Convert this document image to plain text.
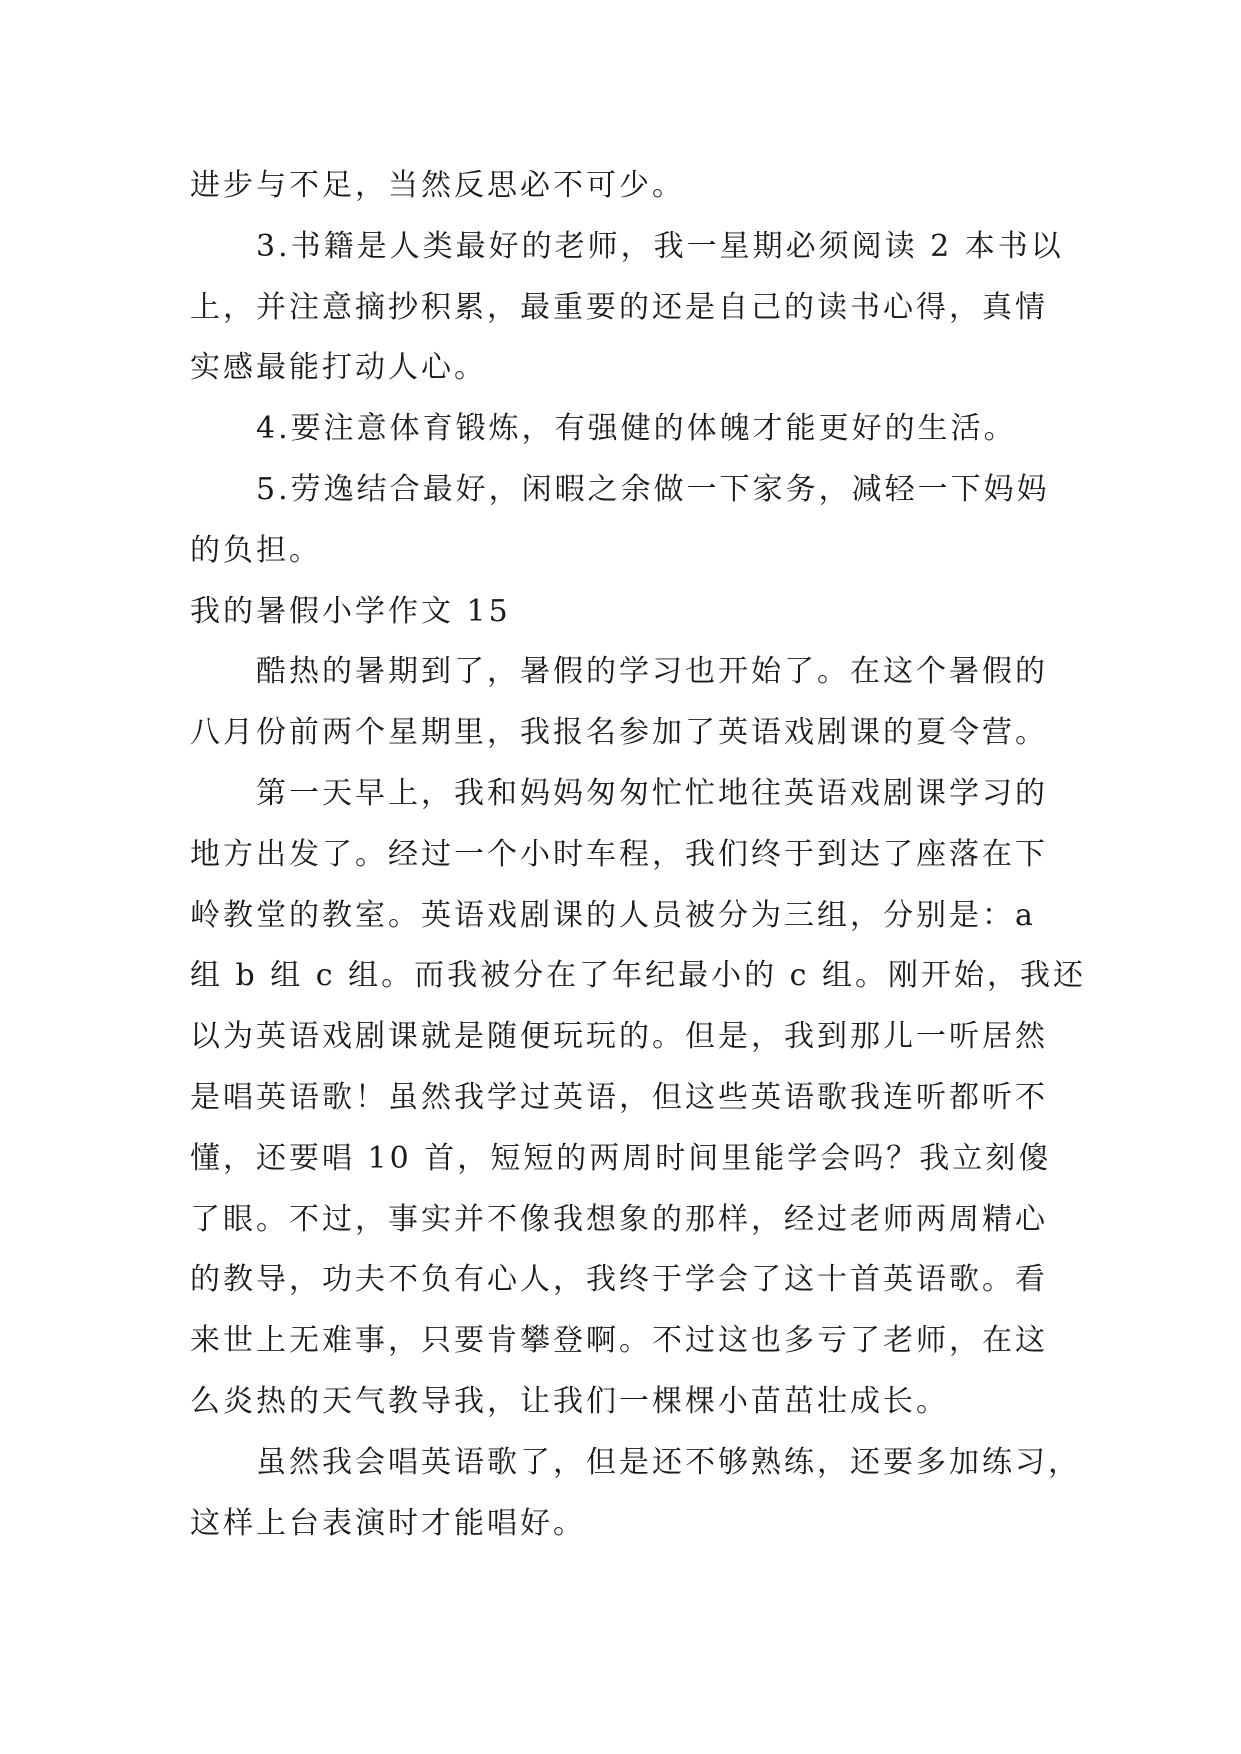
进步与不足，当然反思必不可少。
3.书籍是人类最好的老师，我一星期必须阅读 2 本书以
上，并注意摘抄积累，最重要的还是自己的读书心得，真情
实感最能打动人心。
4.要注意体育锻炼，有强健的体魄才能更好的生活。
5.劳逸结合最好，闲暇之余做一下家务，减轻一下妈妈
的负担。
我的暑假小学作文 15
酷热的暑期到了，暑假的学习也开始了。在这个暑假的
八月份前两个星期里，我报名参加了英语戏剧课的夏令营。
第一天早上，我和妈妈匆匆忙忙地往英语戏剧课学习的
地方出发了。经过一个小时车程，我们终于到达了座落在下
岭教堂的教室。英语戏剧课的人员被分为三组，分别是：a
组 b 组 c 组。而我被分在了年纪最小的 c 组。刚开始，我还
以为英语戏剧课就是随便玩玩的。但是，我到那儿一听居然
是唱英语歌！虽然我学过英语，但这些英语歌我连听都听不
懂，还要唱 10 首，短短的两周时间里能学会吗？我立刻傻
了眼。不过，事实并不像我想象的那样，经过老师两周精心
的教导，功夫不负有心人，我终于学会了这十首英语歌。看
来世上无难事，只要肯攀登啊。不过这也多亏了老师，在这
么炎热的天气教导我，让我们一棵棵小苗茁壮成长。
虽然我会唱英语歌了，但是还不够熟练，还要多加练习，
这样上台表演时才能唱好。
